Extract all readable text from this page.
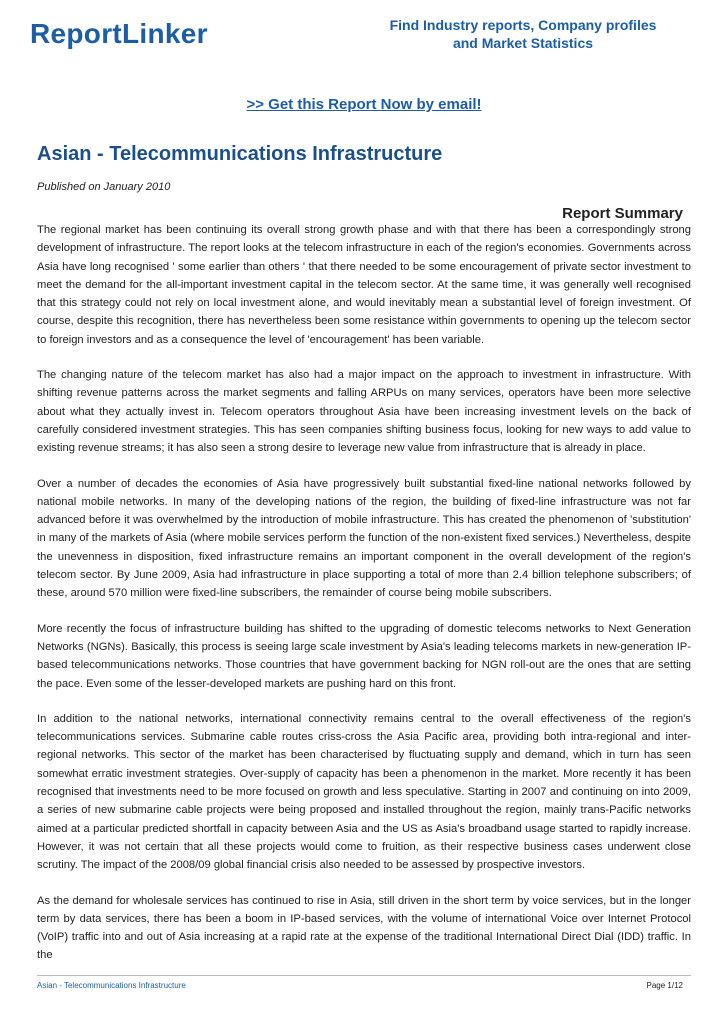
ReportLinker	Find Industry reports, Company profiles
and Market Statistics
>> Get this Report Now by email!
Asian - Telecommunications Infrastructure
Published on January 2010
Report Summary

The regional market has been continuing its overall strong growth phase and with that there has been a correspondingly strong development of infrastructure. The report looks at the telecom infrastructure in each of the region's economies. Governments across Asia have long recognised ' some earlier than others ' that there needed to be some encouragement of private sector investment to meet the demand for the all-important investment capital in the telecom sector. At the same time, it was generally well recognised that this strategy could not rely on local investment alone, and would inevitably mean a substantial level of foreign investment. Of course, despite this recognition, there has nevertheless been some resistance within governments to opening up the telecom sector to foreign investors and as a consequence the level of 'encouragement' has been variable.

The changing nature of the telecom market has also had a major impact on the approach to investment in infrastructure. With shifting revenue patterns across the market segments and falling ARPUs on many services, operators have been more selective about what they actually invest in. Telecom operators throughout Asia have been increasing investment levels on the back of carefully considered investment strategies. This has seen companies shifting business focus, looking for new ways to add value to existing revenue streams; it has also seen a strong desire to leverage new value from infrastructure that is already in place.

Over a number of decades the economies of Asia have progressively built substantial fixed-line national networks followed by national mobile networks. In many of the developing nations of the region, the building of fixed-line infrastructure was not far advanced before it was overwhelmed by the introduction of mobile infrastructure. This has created the phenomenon of 'substitution' in many of the markets of Asia (where mobile services perform the function of the non-existent fixed services.) Nevertheless, despite the unevenness in disposition, fixed infrastructure remains an important component in the overall development of the region's telecom sector. By June 2009, Asia had infrastructure in place supporting a total of more than 2.4 billion telephone subscribers; of these, around 570 million were fixed-line subscribers, the remainder of course being mobile subscribers.

More recently the focus of infrastructure building has shifted to the upgrading of domestic telecoms networks to Next Generation Networks (NGNs). Basically, this process is seeing large scale investment by Asia's leading telecoms markets in new-generation IP-based telecommunications networks. Those countries that have government backing for NGN roll-out are the ones that are setting the pace. Even some of the lesser-developed markets are pushing hard on this front.

In addition to the national networks, international connectivity remains central to the overall effectiveness of the region's telecommunications services. Submarine cable routes criss-cross the Asia Pacific area, providing both intra-regional and inter-regional networks. This sector of the market has been characterised by fluctuating supply and demand, which in turn has seen somewhat erratic investment strategies. Over-supply of capacity has been a phenomenon in the market. More recently it has been recognised that investments need to be more focused on growth and less speculative. Starting in 2007 and continuing on into 2009, a series of new submarine cable projects were being proposed and installed throughout the region, mainly trans-Pacific networks aimed at a particular predicted shortfall in capacity between Asia and the US as Asia's broadband usage started to rapidly increase. However, it was not certain that all these projects would come to fruition, as their respective business cases underwent close scrutiny. The impact of the 2008/09 global financial crisis also needed to be assessed by prospective investors.

As the demand for wholesale services has continued to rise in Asia, still driven in the short term by voice services, but in the longer term by data services, there has been a boom in IP-based services, with the volume of international Voice over Internet Protocol (VoIP) traffic into and out of Asia increasing at a rapid rate at the expense of the traditional International Direct Dial (IDD) traffic. In the

Asian - Telecommunications Infrastructure	Page 1/12
